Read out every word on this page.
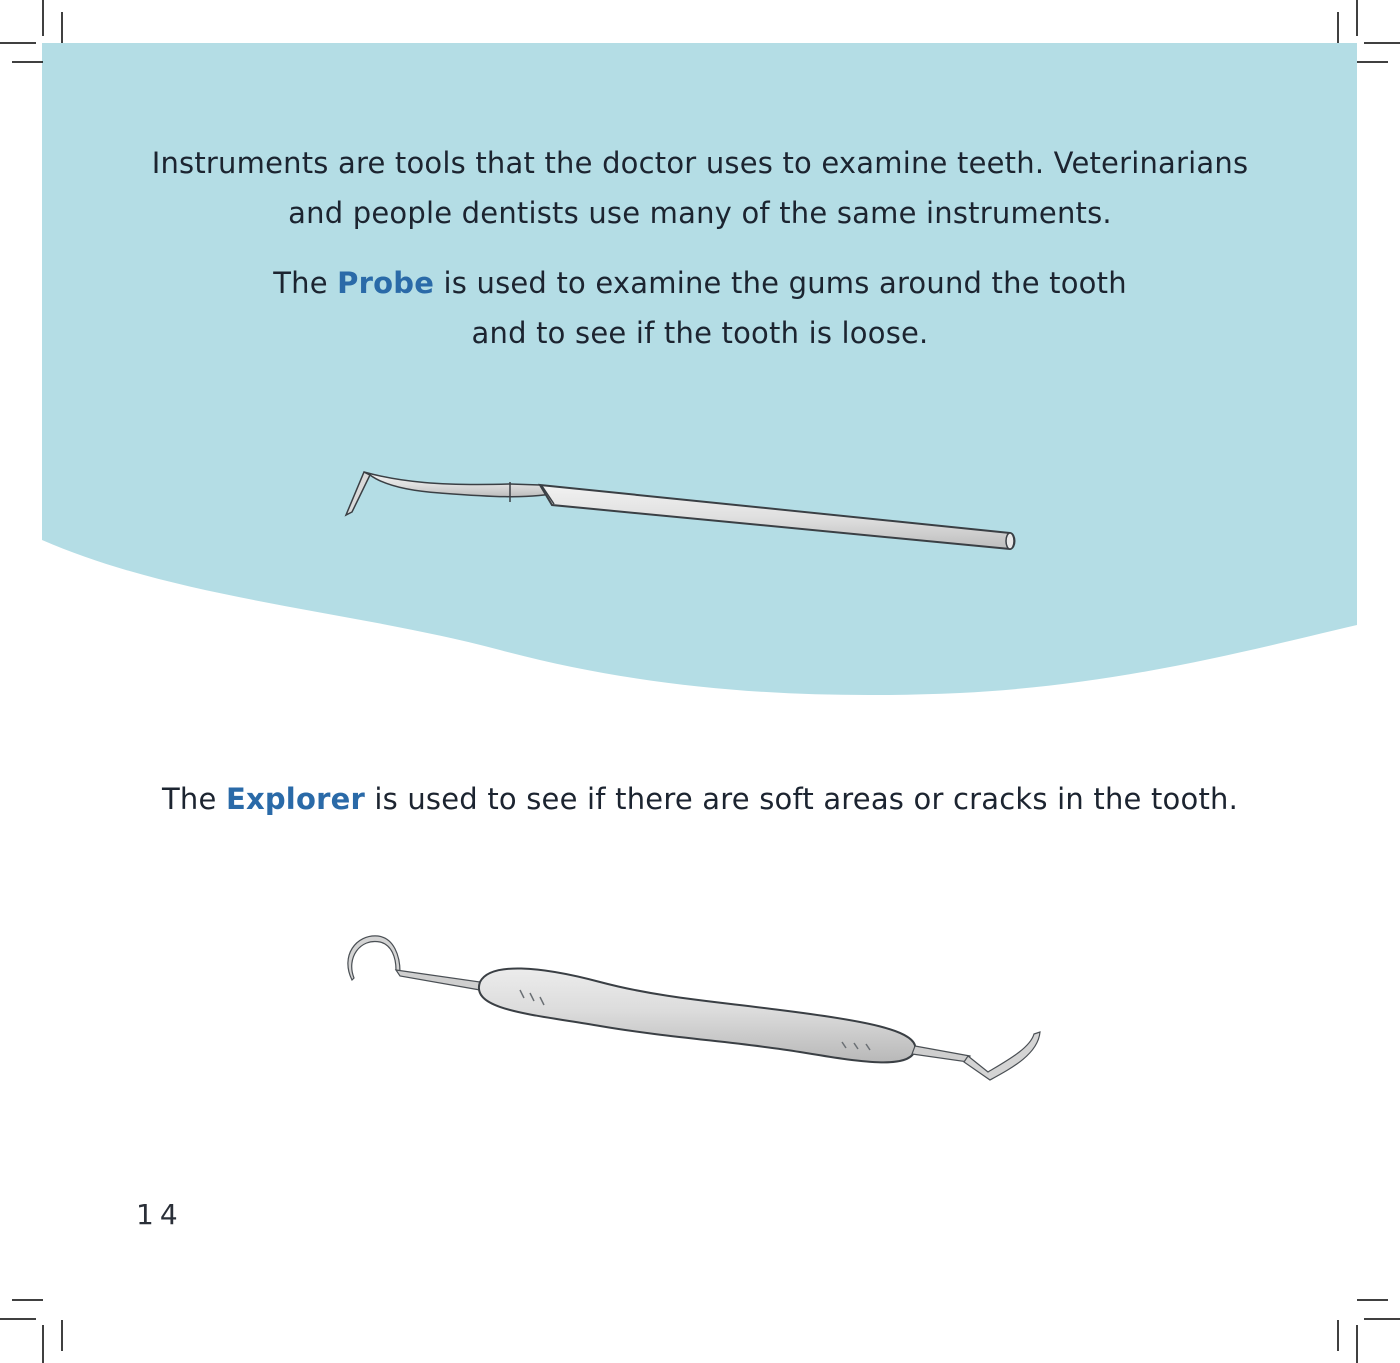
Instruments are tools that the doctor uses to examine teeth. Veterinarians
and people dentists use many of the same instruments.
The Probe is used to examine the gums around the tooth
and to see if the tooth is loose.
The Explorer is used to see if there are soft areas or cracks in the tooth.
14
